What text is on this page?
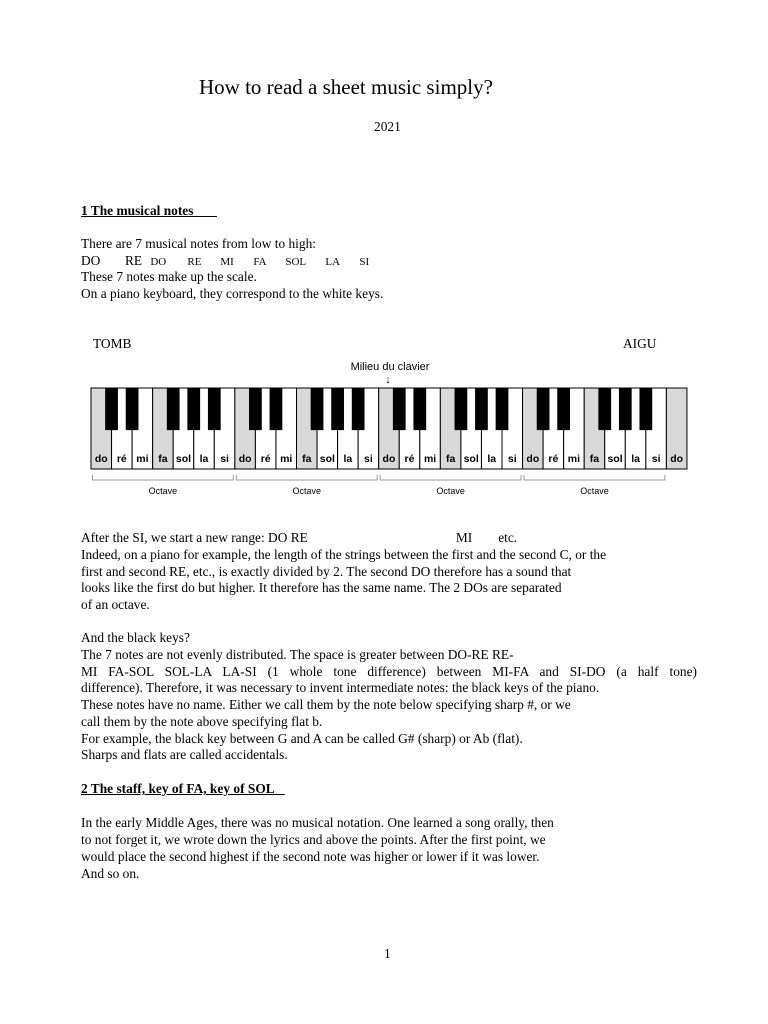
How to read a sheet music simply?
2021
1 The musical notes
There are 7 musical notes from low to high:
DO RE DO RE MI FA SOL LA SI
These 7 notes make up the scale.
On a piano keyboard, they correspond to the white keys.
TOMB	AIGU
Milieu du clavier
↓
do ré mi fa sol la si do ré mi fa sol la si do ré mi fa sol la si do ré mi fa sol la si do
Octave	Octave	Octave	Octave
After the SI, we start a new range: DO RE	MI etc.
Indeed, on a piano for example, the length of the strings between the first and the second C, or the
first and second RE, etc., is exactly divided by 2. The second DO therefore has a sound that
looks like the first do but higher. It therefore has the same name. The 2 DOs are separated
of an octave.
And the black keys?
The 7 notes are not evenly distributed. The space is greater between DO-RE RE-
MI FA-SOL SOL-LA LA-SI (1 whole tone difference) between MI-FA and SI-DO (a half tone)
difference). Therefore, it was necessary to invent intermediate notes: the black keys of the piano.
These notes have no name. Either we call them by the note below specifying sharp #, or we
call them by the note above specifying flat b.
For example, the black key between G and A can be called G# (sharp) or Ab (flat).
Sharps and flats are called accidentals.
2 The staff, key of FA, key of SOL
In the early Middle Ages, there was no musical notation. One learned a song orally, then
to not forget it, we wrote down the lyrics and above the points. After the first point, we
would place the second highest if the second note was higher or lower if it was lower.
And so on.
1
